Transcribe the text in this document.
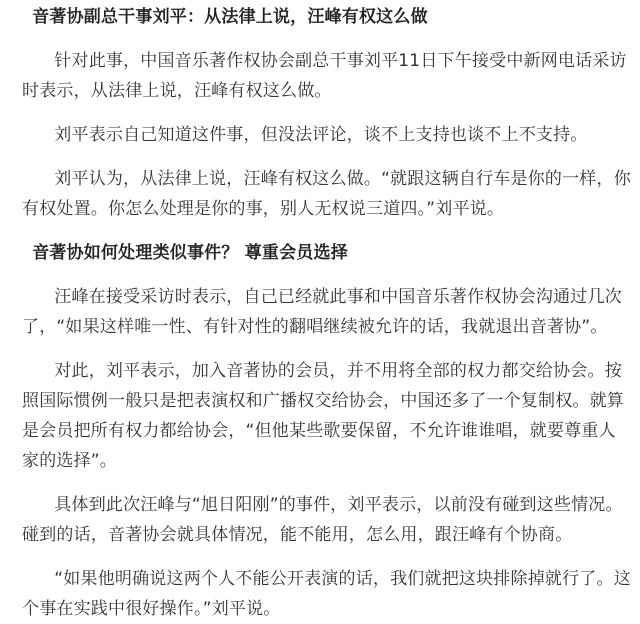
音著协副总干事刘平：从法律上说，汪峰有权这么做

针对此事，中国音乐著作权协会副总干事刘平11日下午接受中新网电话采访时表示，从法律上说，汪峰有权这么做。

刘平表示自己知道这件事，但没法评论，谈不上支持也谈不上不支持。

刘平认为，从法律上说，汪峰有权这么做。“就跟这辆自行车是你的一样，你有权处置。你怎么处理是你的事，别人无权说三道四。”刘平说。

音著协如何处理类似事件？ 尊重会员选择

汪峰在接受采访时表示，自己已经就此事和中国音乐著作权协会沟通过几次了，“如果这样唯一性、有针对性的翻唱继续被允许的话，我就退出音著协”。

对此，刘平表示，加入音著协的会员，并不用将全部的权力都交给协会。按照国际惯例一般只是把表演权和广播权交给协会，中国还多了一个复制权。就算是会员把所有权力都给协会，“但他某些歌要保留，不允许谁谁唱，就要尊重人家的选择”。

具体到此次汪峰与“旭日阳刚”的事件，刘平表示，以前没有碰到这些情况。碰到的话，音著协会就具体情况，能不能用，怎么用，跟汪峰有个协商。

“如果他明确说这两个人不能公开表演的话，我们就把这块排除掉就行了。这个事在实践中很好操作。”刘平说。
